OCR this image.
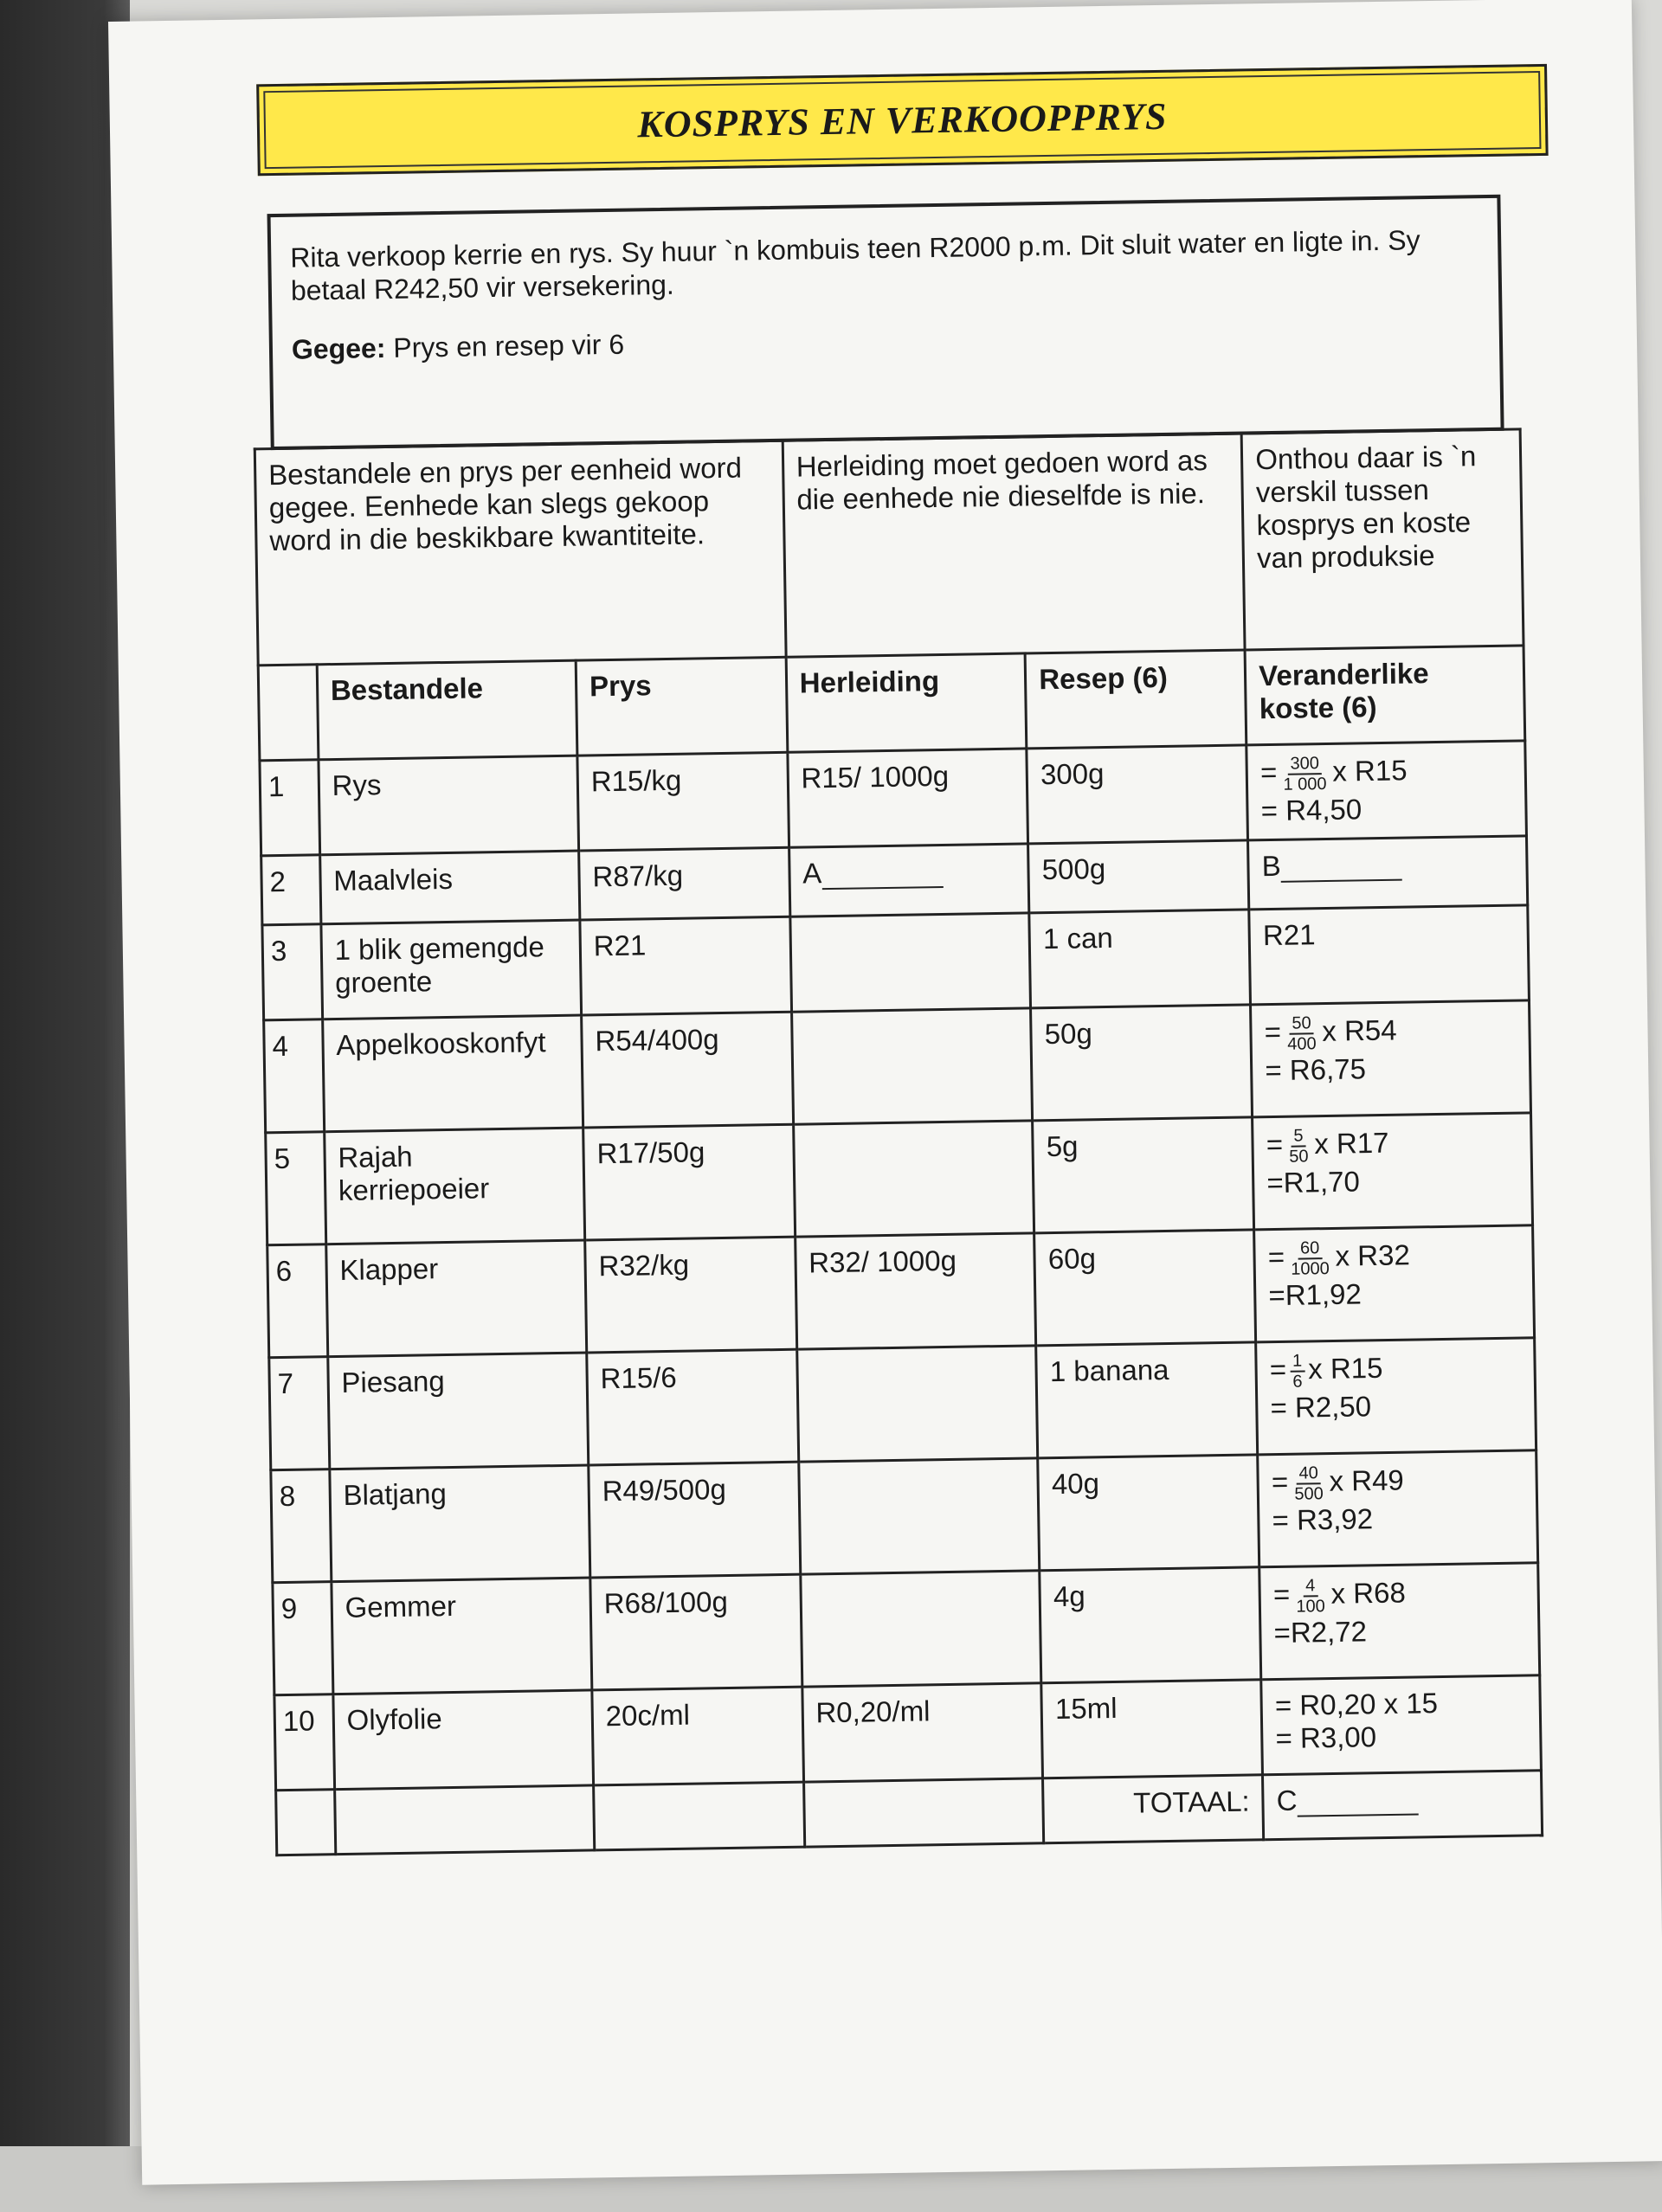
KOSPRYS EN VERKOOPPRYS

Rita verkoop kerrie en rys. Sy huur `n kombuis teen R2000 p.m. Dit sluit water en ligte in. Sy betaal R242,50 vir versekering.

Gegee: Prys en resep vir 6

Bestandele en prys per eenheid word gegee. Eenhede kan slegs gekoop word in die beskikbare kwantiteite.			Herleiding moet gedoen word as die eenhede nie dieselfde is nie.		Onthou daar is `n verskil tussen kosprys en koste van produksie
	Bestandele	Prys	Herleiding	Resep (6)	Veranderlike koste (6)
1	Rys	R15/kg	R15/ 1000g	300g	= $\frac{300}{1 000}$ x R15
= R4,50
2	Maalvleis	R87/kg	A	500g	B
3	1 blik gemengde groente	R21		1 can	R21
4	Appelkooskonfyt	R54/400g		50g	= $\frac{50}{400}$ x R54
= R6,75
5	Rajah kerriepoeier	R17/50g		5g	= $\frac{5}{50}$ x R17
=R1,70
6	Klapper	R32/kg	R32/ 1000g	60g	= $\frac{60}{1000}$ x R32
=R1,92
7	Piesang	R15/6		1 banana	= $\frac{1}{6}$ x R15
= R2,50
8	Blatjang	R49/500g		40g	= $\frac{40}{500}$ x R49
= R3,92
9	Gemmer	R68/100g		4g	= $\frac{4}{100}$ x R68
=R2,72
10	Olyfolie	20c/ml	R0,20/ml	15ml	= R0,20 x 15
= R3,00
				TOTAAL:	C
